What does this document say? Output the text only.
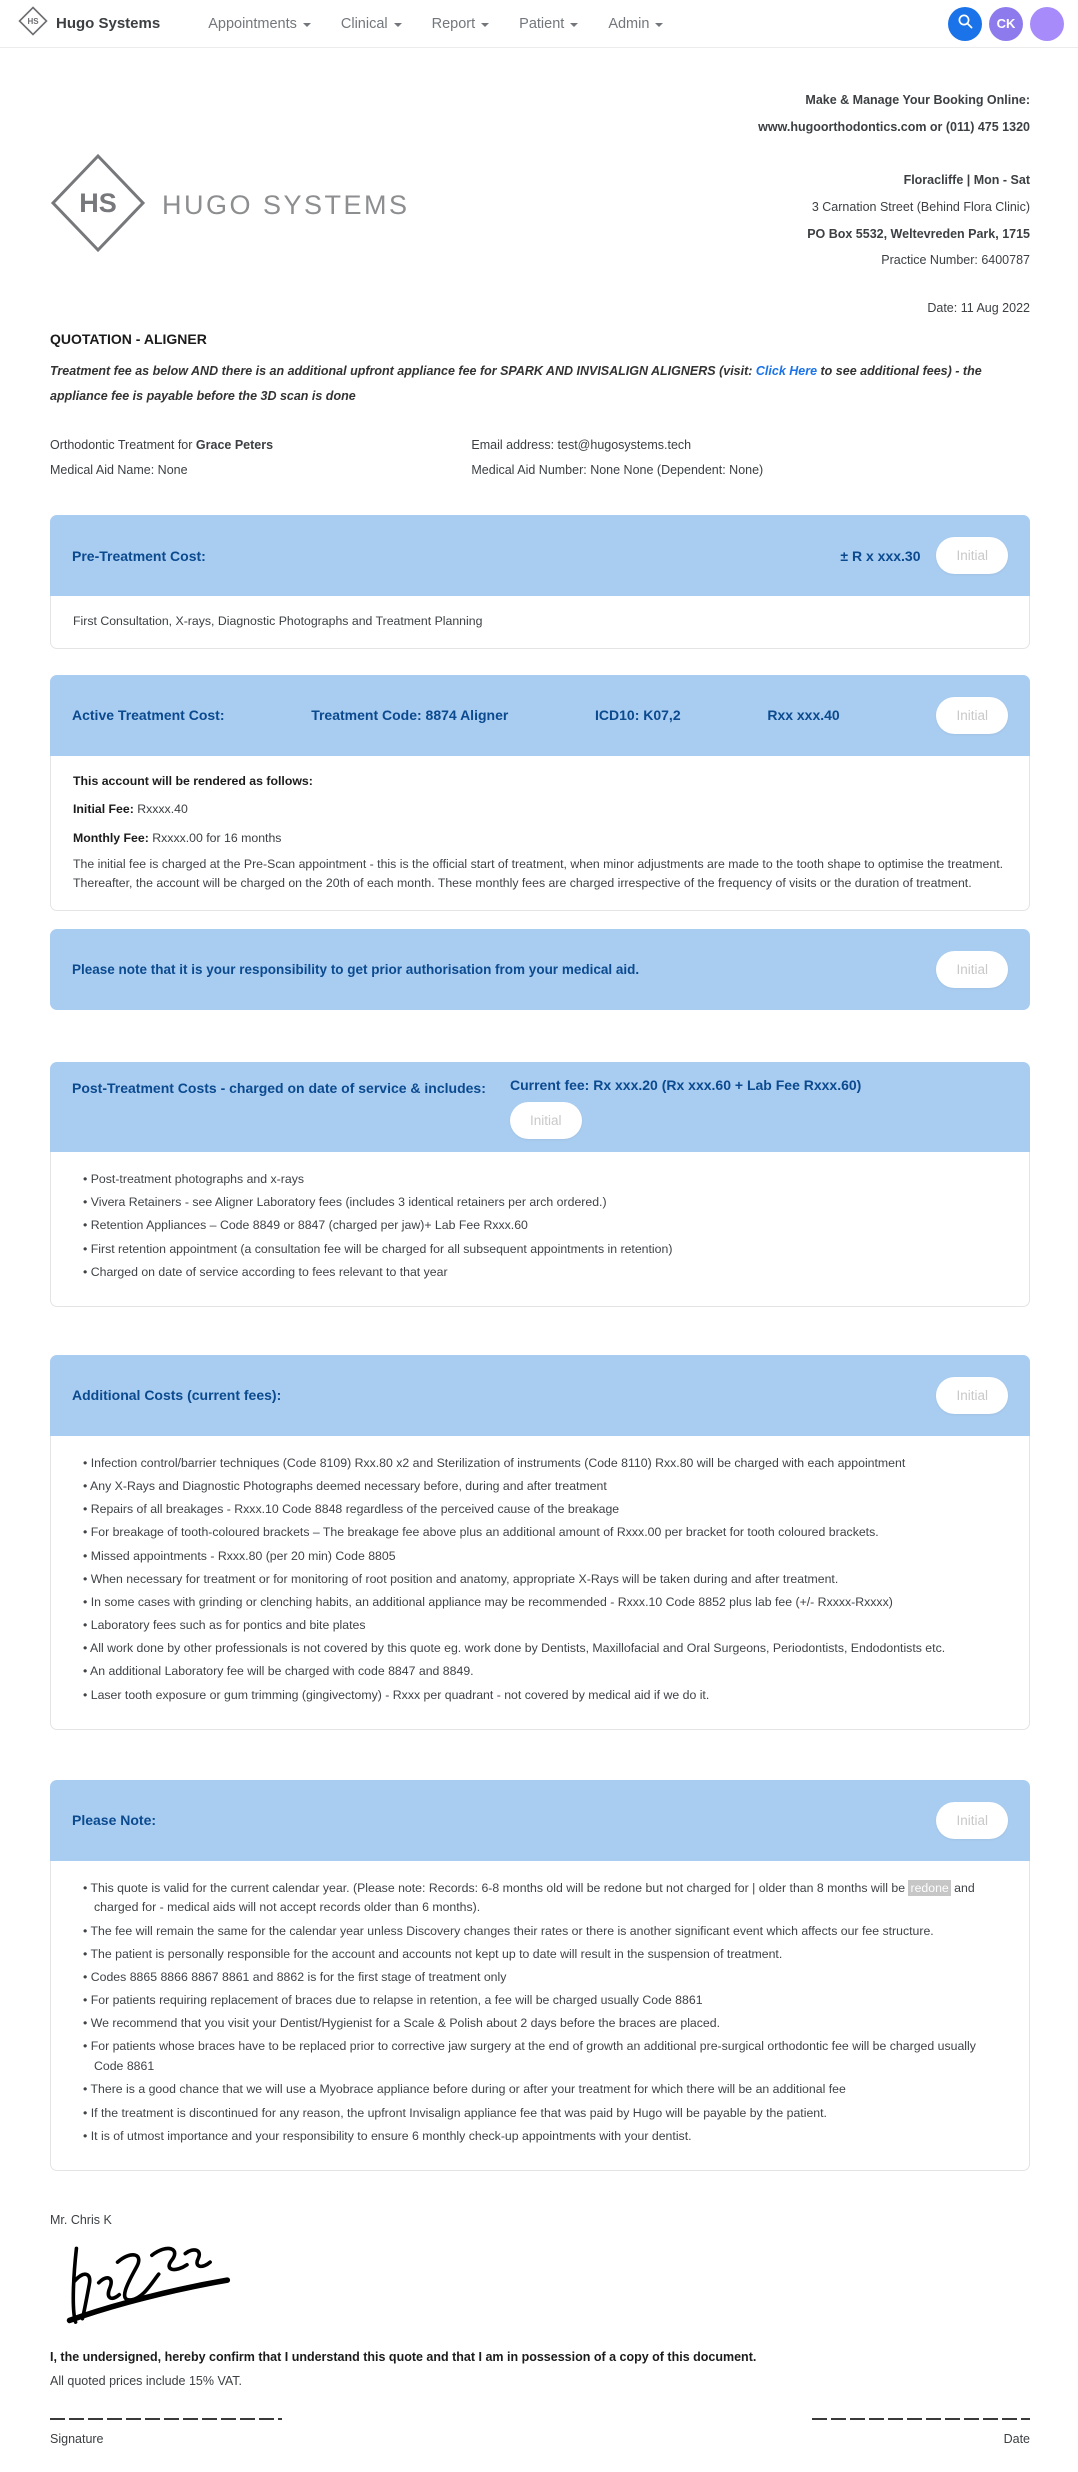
HS Hugo Systems	Appointments	Clinical	Report	Patient	Admin	CK
HS HUGO SYSTEMS
Make & Manage Your Booking Online:
www.hugoorthodontics.com or (011) 475 1320
Floracliffe | Mon - Sat
3 Carnation Street (Behind Flora Clinic)
PO Box 5532, Weltevreden Park, 1715
Practice Number: 6400787
Date: 11 Aug 2022
QUOTATION - ALIGNER
Treatment fee as below AND there is an additional upfront appliance fee for SPARK AND INVISALIGN ALIGNERS (visit: Click Here to see additional fees) - the appliance fee is payable before the 3D scan is done
Orthodontic Treatment for Grace Peters	Email address: test@hugosystems.tech
Medical Aid Name: None	Medical Aid Number: None None (Dependent: None)
Pre-Treatment Cost:	± R x xxx.30	Initial
First Consultation, X-rays, Diagnostic Photographs and Treatment Planning
Active Treatment Cost:	Treatment Code: 8874 Aligner	ICD10: K07,2	Rxx xxx.40	Initial
This account will be rendered as follows:
Initial Fee: Rxxxx.40
Monthly Fee: Rxxxx.00 for 16 months
The initial fee is charged at the Pre-Scan appointment - this is the official start of treatment, when minor adjustments are made to the tooth shape to optimise the treatment. Thereafter, the account will be charged on the 20th of each month. These monthly fees are charged irrespective of the frequency of visits or the duration of treatment.
Please note that it is your responsibility to get prior authorisation from your medical aid.	Initial
Post-Treatment Costs - charged on date of service & includes:	Current fee: Rx xxx.20 (Rx xxx.60 + Lab Fee Rxxx.60)
Initial
• Post-treatment photographs and x-rays
• Vivera Retainers - see Aligner Laboratory fees (includes 3 identical retainers per arch ordered.)
• Retention Appliances – Code 8849 or 8847 (charged per jaw)+ Lab Fee Rxxx.60
• First retention appointment (a consultation fee will be charged for all subsequent appointments in retention)
• Charged on date of service according to fees relevant to that year
Additional Costs (current fees):	Initial
• Infection control/barrier techniques (Code 8109) Rxx.80 x2 and Sterilization of instruments (Code 8110) Rxx.80 will be charged with each appointment
• Any X-Rays and Diagnostic Photographs deemed necessary before, during and after treatment
• Repairs of all breakages - Rxxx.10 Code 8848 regardless of the perceived cause of the breakage
• For breakage of tooth-coloured brackets – The breakage fee above plus an additional amount of Rxxx.00 per bracket for tooth coloured brackets.
• Missed appointments - Rxxx.80 (per 20 min) Code 8805
• When necessary for treatment or for monitoring of root position and anatomy, appropriate X-Rays will be taken during and after treatment.
• In some cases with grinding or clenching habits, an additional appliance may be recommended - Rxxx.10 Code 8852 plus lab fee (+/- Rxxxx-Rxxxx)
• Laboratory fees such as for pontics and bite plates
• All work done by other professionals is not covered by this quote eg. work done by Dentists, Maxillofacial and Oral Surgeons, Periodontists, Endodontists etc.
• An additional Laboratory fee will be charged with code 8847 and 8849.
• Laser tooth exposure or gum trimming (gingivectomy) - Rxxx per quadrant - not covered by medical aid if we do it.
Please Note:	Initial
• This quote is valid for the current calendar year. (Please note: Records: 6-8 months old will be redone but not charged for | older than 8 months will be redone and charged for - medical aids will not accept records older than 6 months).
• The fee will remain the same for the calendar year unless Discovery changes their rates or there is another significant event which affects our fee structure.
• The patient is personally responsible for the account and accounts not kept up to date will result in the suspension of treatment.
• Codes 8865 8866 8867 8861 and 8862 is for the first stage of treatment only
• For patients requiring replacement of braces due to relapse in retention, a fee will be charged usually Code 8861
• We recommend that you visit your Dentist/Hygienist for a Scale & Polish about 2 days before the braces are placed.
• For patients whose braces have to be replaced prior to corrective jaw surgery at the end of growth an additional pre-surgical orthodontic fee will be charged usually Code 8861
• There is a good chance that we will use a Myobrace appliance before during or after your treatment for which there will be an additional fee
• If the treatment is discontinued for any reason, the upfront Invisalign appliance fee that was paid by Hugo will be payable by the patient.
• It is of utmost importance and your responsibility to ensure 6 monthly check-up appointments with your dentist.
Mr. Chris K
I, the undersigned, hereby confirm that I understand this quote and that I am in possession of a copy of this document.
All quoted prices include 15% VAT.
Signature	Date
